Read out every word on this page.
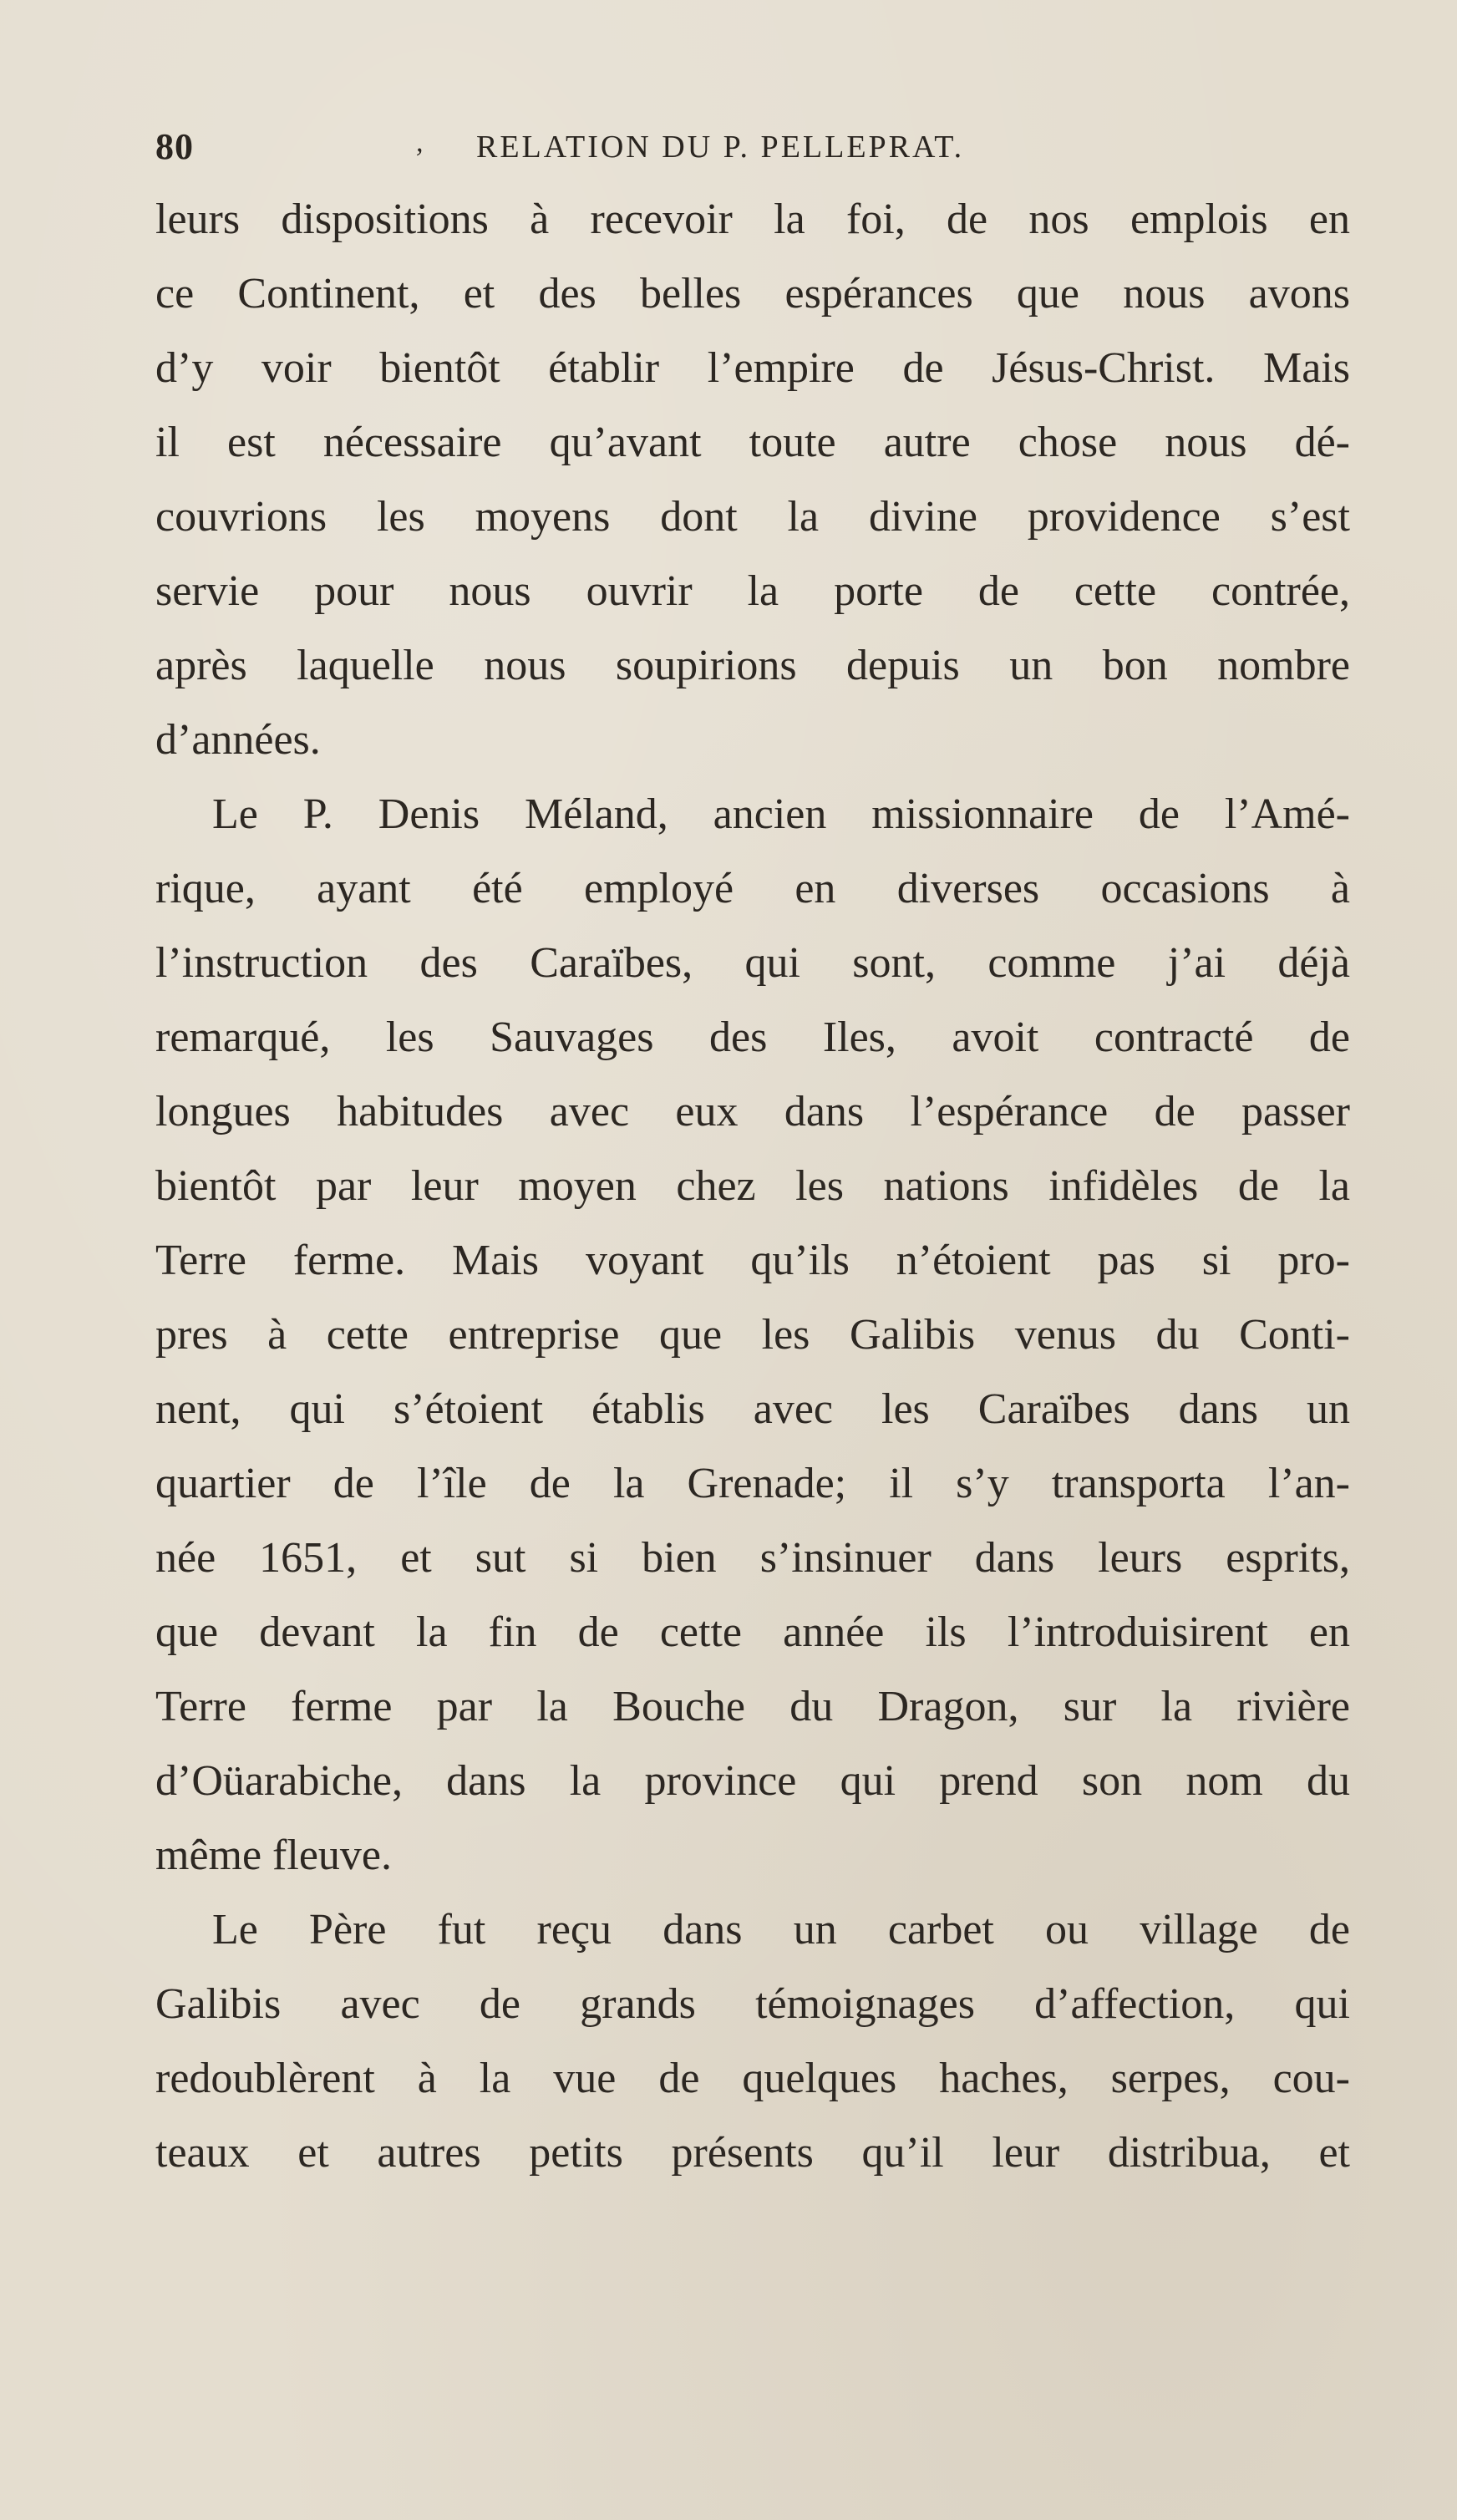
80	, RELATION DU P. PELLEPRAT.

leurs dispositions à recevoir la foi, de nos emplois en
ce Continent, et des belles espérances que nous avons
d’y voir bientôt établir l’empire de Jésus-Christ. Mais
il est nécessaire qu’avant toute autre chose nous dé-
couvrions les moyens dont la divine providence s’est
servie pour nous ouvrir la porte de cette contrée,
après laquelle nous soupirions depuis un bon nombre
d’années.

Le P. Denis Méland, ancien missionnaire de l’Amé-
rique, ayant été employé en diverses occasions à
l’instruction des Caraïbes, qui sont, comme j’ai déjà
remarqué, les Sauvages des Iles, avoit contracté de
longues habitudes avec eux dans l’espérance de passer
bientôt par leur moyen chez les nations infidèles de la
Terre ferme. Mais voyant qu’ils n’étoient pas si pro-
pres à cette entreprise que les Galibis venus du Conti-
nent, qui s’étoient établis avec les Caraïbes dans un
quartier de l’île de la Grenade; il s’y transporta l’an-
née 1651, et sut si bien s’insinuer dans leurs esprits,
que devant la fin de cette année ils l’introduisirent en
Terre ferme par la Bouche du Dragon, sur la rivière
d’Oüarabiche, dans la province qui prend son nom du
même fleuve.

Le Père fut reçu dans un carbet ou village de
Galibis avec de grands témoignages d’affection, qui
redoublèrent à la vue de quelques haches, serpes, cou-
teaux et autres petits présents qu’il leur distribua, et
